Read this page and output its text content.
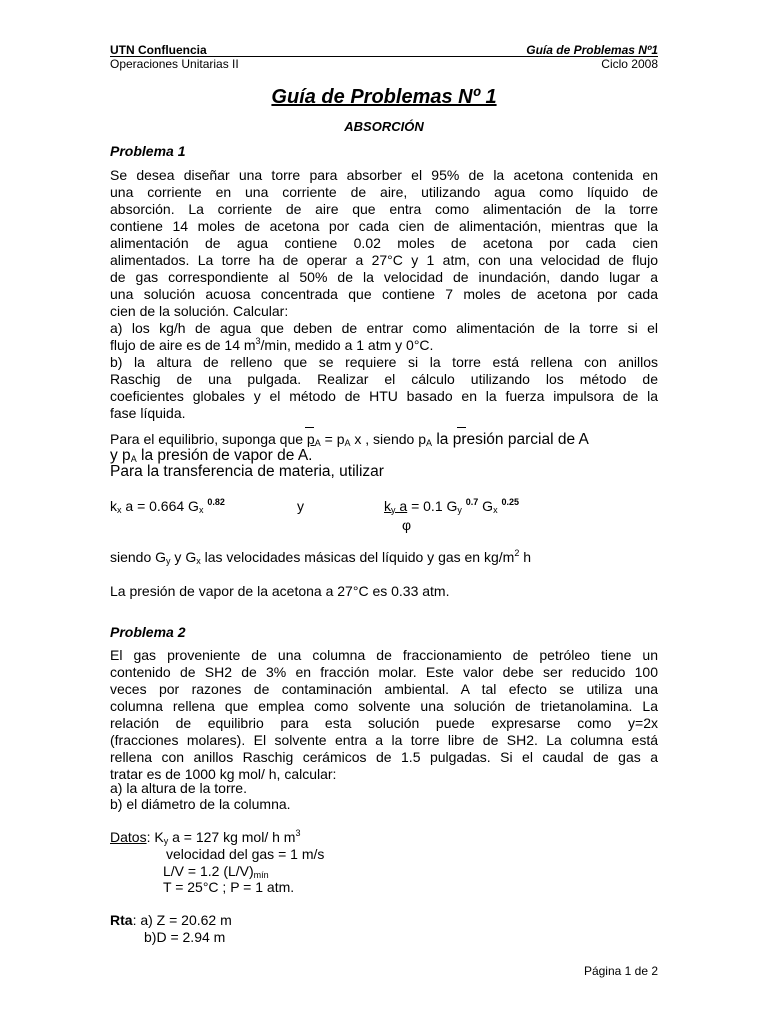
UTN Confluencia	Guía de Problemas Nº1
Operaciones Unitarias II	Ciclo 2008
Guía de Problemas Nº 1
ABSORCIÓN
Problema 1
Se desea diseñar una torre para absorber el 95% de la acetona contenida en
una corriente en una corriente de aire, utilizando agua como líquido de
absorción. La corriente de aire que entra como alimentación de la torre
contiene 14 moles de acetona por cada cien de alimentación, mientras que la
alimentación de agua contiene 0.02 moles de acetona por cada cien
alimentados. La torre ha de operar a 27°C y 1 atm, con una velocidad de flujo
de gas correspondiente al 50% de la velocidad de inundación, dando lugar a
una solución acuosa concentrada que contiene 7 moles de acetona por cada
cien de la solución. Calcular:
a) los kg/h de agua que deben de entrar como alimentación de la torre si el
flujo de aire es de 14 $m^3/\min$, medido a 1 atm y 0°C.
b) la altura de relleno que se requiere si la torre está rellena con anillos
Raschig de una pulgada. Realizar el cálculo utilizando los método de
coeficientes globales y el método de HTU basado en la fuerza impulsora de la
fase líquida.
Para el equilibrio, suponga que $p_A = p_A$ x , siendo $p_A$ la presión parcial de A
y $p_A$ la presión de vapor de A.
Para la transferencia de materia, utilizar
$k_x$ a = 0.664 $G_x$ $^{0.82}$	y	$k_y$ a = 0.1 $G_y$ $^{0.7}$ $G_x$ $^{0.25}$
φ
siendo $G_y$ y $G_x$ las velocidades másicas del líquido y gas en $kg/m^2$ h
La presión de vapor de la acetona a 27°C es 0.33 atm.
Problema 2
El gas proveniente de una columna de fraccionamiento de petróleo tiene un
contenido de SH2 de 3% en fracción molar. Este valor debe ser reducido 100
veces por razones de contaminación ambiental. A tal efecto se utiliza una
columna rellena que emplea como solvente una solución de trietanolamina. La
relación de equilibrio para esta solución puede expresarse como y=2x
(fracciones molares). El solvente entra a la torre libre de SH2. La columna está
rellena con anillos Raschig cerámicos de 1.5 pulgadas. Si el caudal de gas a
tratar es de 1000 kg mol/ h, calcular:
a) la altura de la torre.
b) el diámetro de la columna.
Datos: $K_y$ a = 127 kg mol/ h $m^3$
velocidad del gas = 1 m/s
L/V = 1.2 $(L/V)_{mín}$
T = 25°C ; P = 1 atm.
Rta: a) Z = 20.62 m
b)D = 2.94 m
Página 1 de 2
